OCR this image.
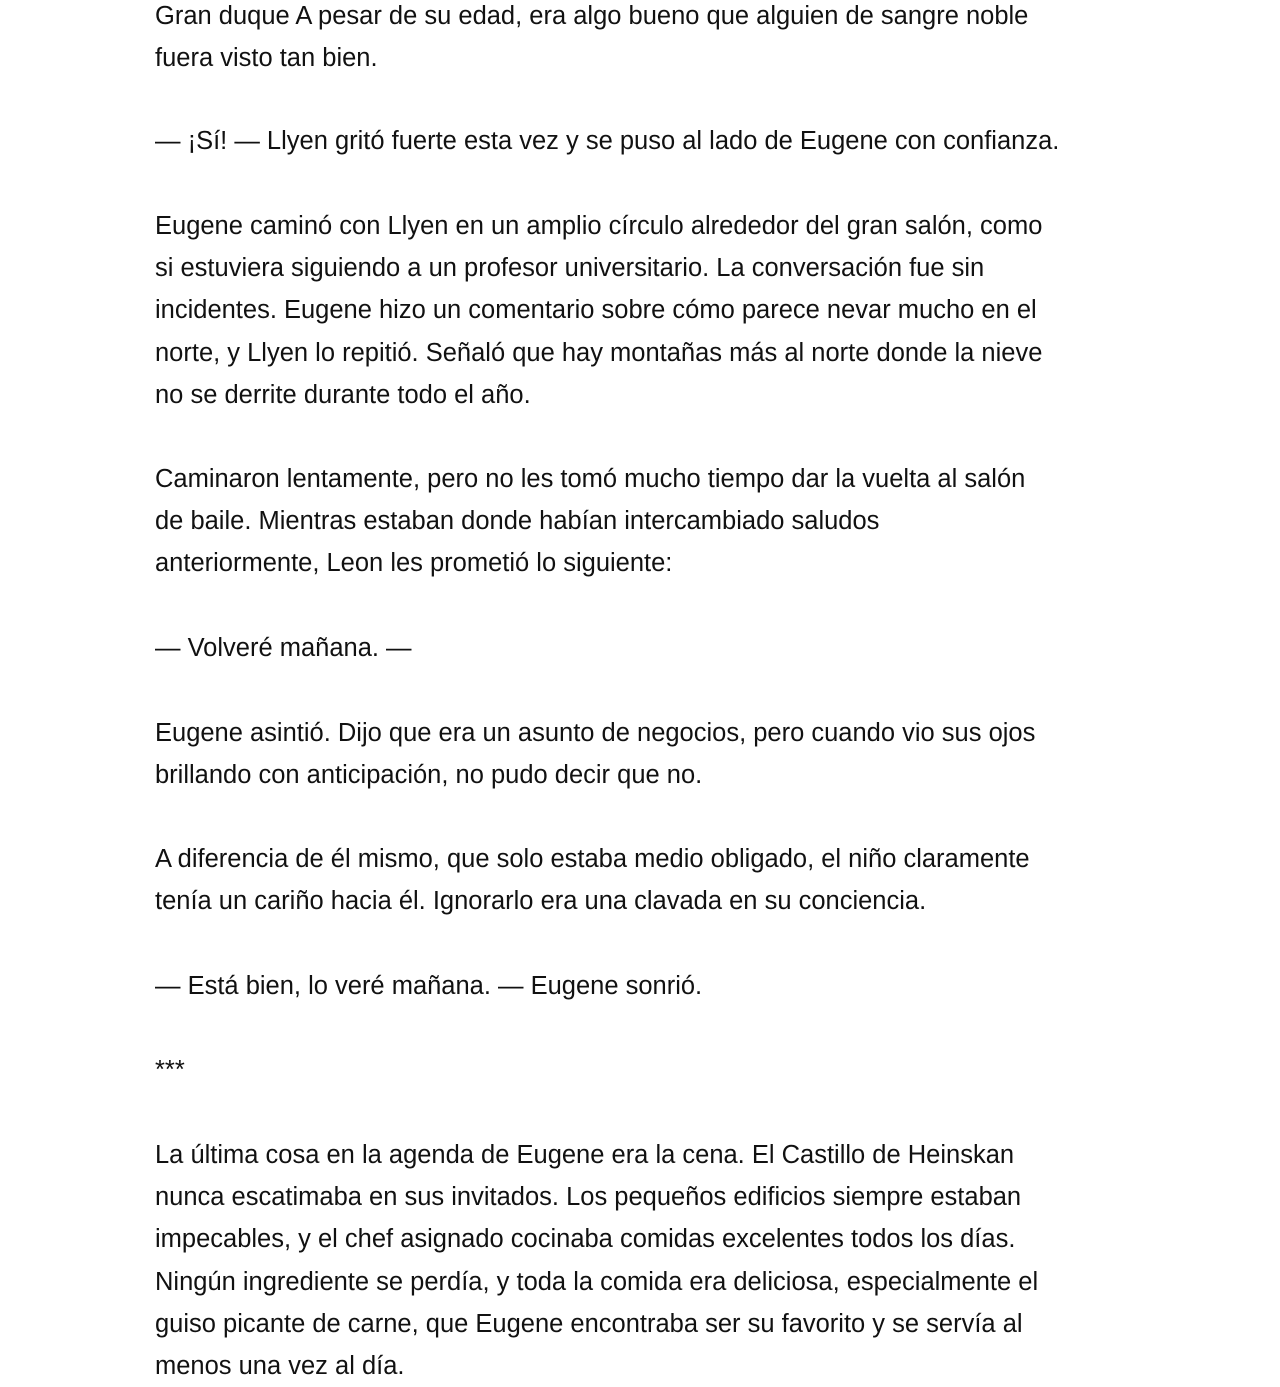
Gran duque A pesar de su edad, era algo bueno que alguien de sangre noble
fuera visto tan bien.
— ¡Sí! — Llyen gritó fuerte esta vez y se puso al lado de Eugene con confianza.
Eugene caminó con Llyen en un amplio círculo alrededor del gran salón, como
si estuviera siguiendo a un profesor universitario. La conversación fue sin
incidentes. Eugene hizo un comentario sobre cómo parece nevar mucho en el
norte, y Llyen lo repitió. Señaló que hay montañas más al norte donde la nieve
no se derrite durante todo el año.
Caminaron lentamente, pero no les tomó mucho tiempo dar la vuelta al salón
de baile. Mientras estaban donde habían intercambiado saludos
anteriormente, Leon les prometió lo siguiente:
— Volveré mañana. —
Eugene asintió. Dijo que era un asunto de negocios, pero cuando vio sus ojos
brillando con anticipación, no pudo decir que no.
A diferencia de él mismo, que solo estaba medio obligado, el niño claramente
tenía un cariño hacia él. Ignorarlo era una clavada en su conciencia.
— Está bien, lo veré mañana. — Eugene sonrió.
***
La última cosa en la agenda de Eugene era la cena. El Castillo de Heinskan
nunca escatimaba en sus invitados. Los pequeños edificios siempre estaban
impecables, y el chef asignado cocinaba comidas excelentes todos los días.
Ningún ingrediente se perdía, y toda la comida era deliciosa, especialmente el
guiso picante de carne, que Eugene encontraba ser su favorito y se servía al
menos una vez al día.
